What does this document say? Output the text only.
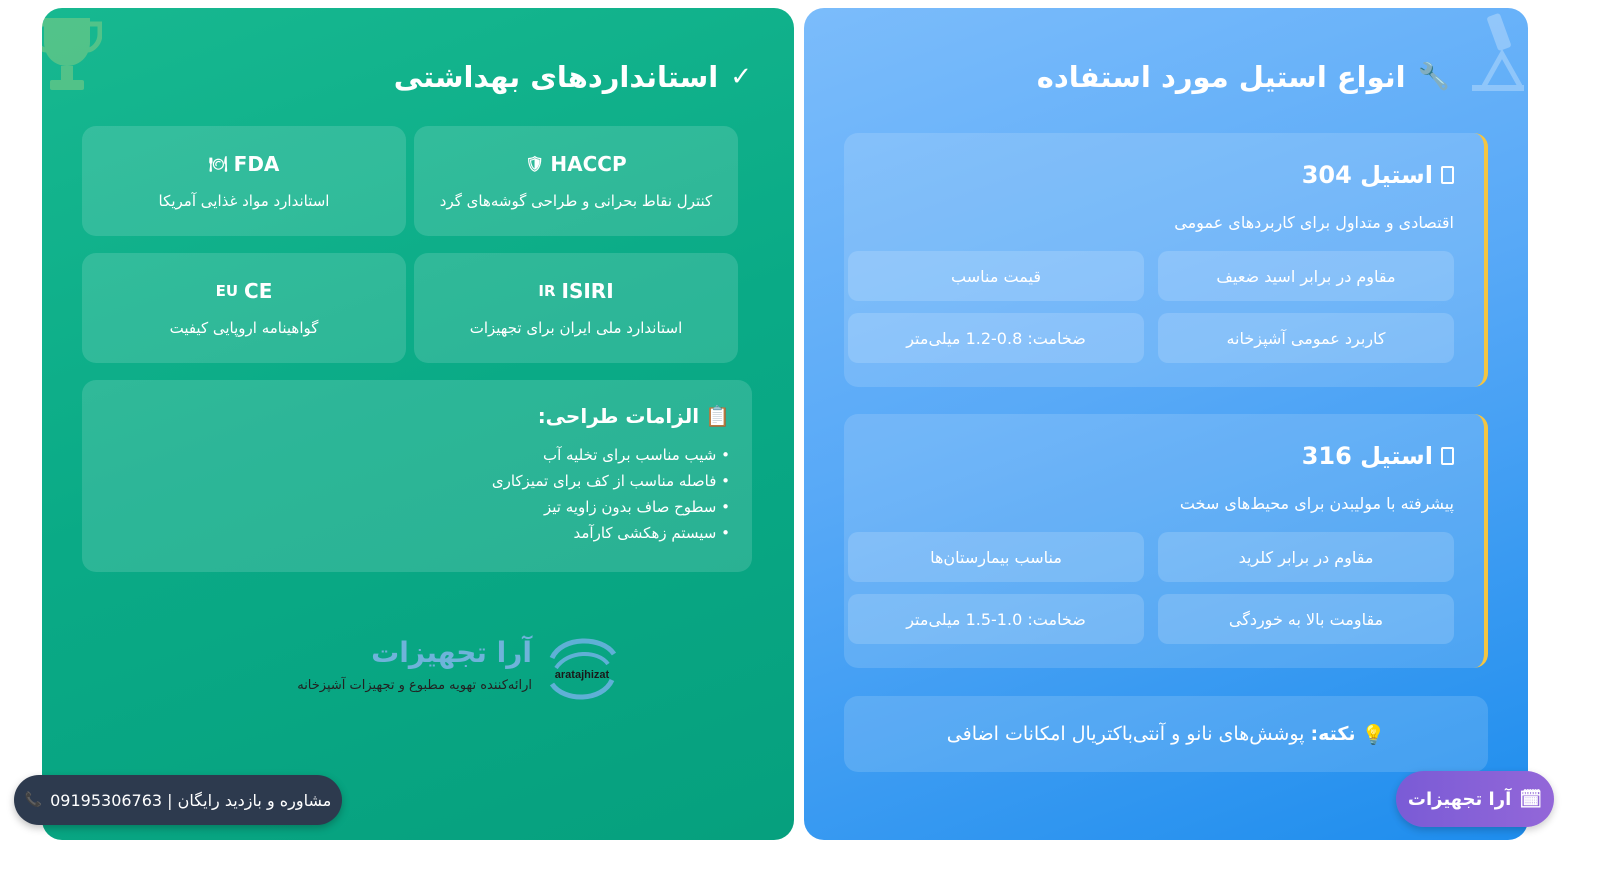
✓
استانداردهای بهداشتی
HACCP
🛡
کنترل نقاط بحرانی و طراحی گوشه‌های گرد
FDA
🍽
استاندارد مواد غذایی آمریکا
ISIRI
IR
استاندارد ملی ایران برای تجهیزات
CE
EU
گواهینامه اروپایی کیفیت
📋
الزامات طراحی:
• شیب مناسب برای تخلیه آب
• فاصله مناسب از کف برای تمیزکاری
• سطوح صاف بدون زاویه تیز
• سیستم زهکشی کارآمد
aratajhizat
آرا تجهیزات
ارائه‌کننده تهویه مطبوع و تجهیزات آشپزخانه
🔧
انواع استیل مورد استفاده
استیل 304
اقتصادی و متداول برای کاربردهای عمومی
مقاوم در برابر اسید ضعیف
قیمت مناسب
کاربرد عمومی آشپزخانه
ضخامت: 0.8-1.2 میلی‌متر
استیل 316
پیشرفته با مولیبدن برای محیط‌های سخت
مقاوم در برابر کلرید
مناسب بیمارستان‌ها
مقاومت بالا به خوردگی
ضخامت: 1.0-1.5 میلی‌متر
💡
نکته:
پوشش‌های نانو و آنتی‌باکتریال امکانات اضافی
📞 09195306763 | مشاوره و بازدید رایگان	🗓
آرا تجهیزات
